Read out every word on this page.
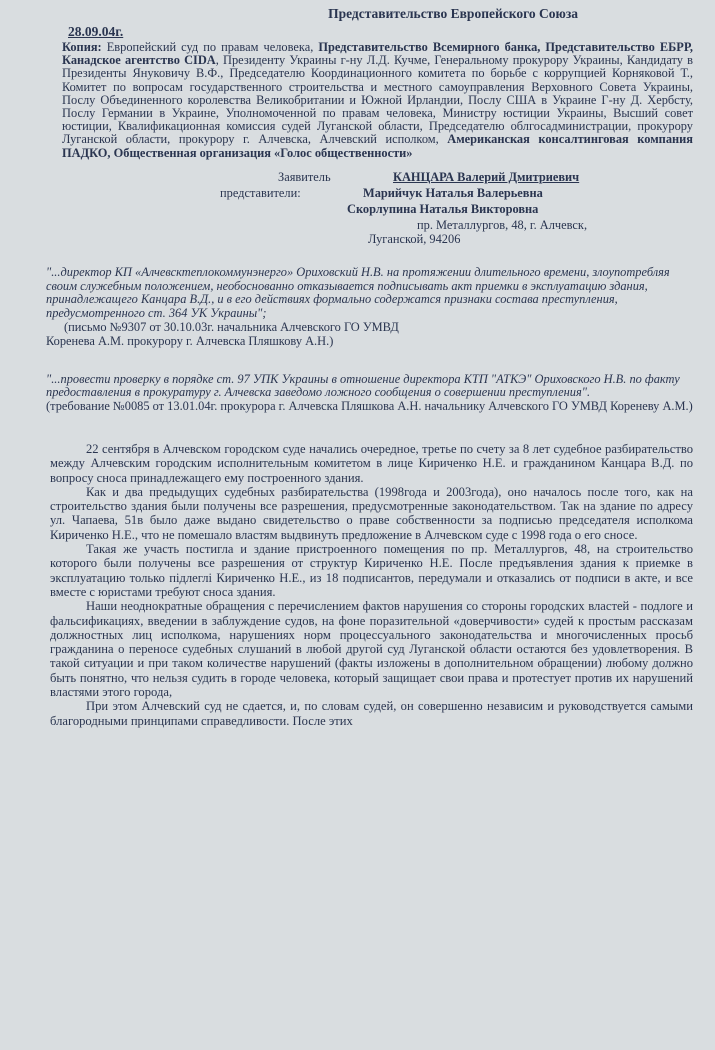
Представительство Европейского Союза
28.09.04г.
Копия: Европейский суд по правам человека, Представительство Всемирного банка, Представительство ЕБРР, Канадское агентство CIDA, Президенту Украины г-ну Л.Д. Кучме, Генеральному прокурору Украины, Кандидату в Президенты Януковичу В.Ф., Председателю Координационного комитета по борьбе с коррупцией Корняковой Т., Комитет по вопросам государственного строительства и местного самоуправления Верховного Совета Украины, Послу Объединенного королевства Великобритании и Южной Ирландии, Послу США в Украине Г-ну Д. Хербсту, Послу Германии в Украине, Уполномоченной по правам человека, Министру юстиции Украины, Высший совет юстиции, Квалификационная комиссия судей Луганской области, Председателю облгосадминистрации, прокурору Луганской области, прокурору г. Алчевска, Алчевский исполком, Американская консалтинговая компания ПАДКО, Общественная организация «Голос общественности»
Заявитель
представители:
КАНЦАРА Валерий Дмитриевич
Марийчук Наталья Валерьевна
Скорлупина Наталья Викторовна
пр. Металлургов, 48, г. Алчевск,
Луганской, 94206
"...директор КП «Алчевсктеплокоммунэнерго» Ориховский Н.В. на протяжении длительного времени, злоупотребляя своим служебным положением, необоснованно отказывается подписывать акт приемки в эксплуатацию здания, принадлежащего Канцара В.Д., и в его действиях формально содержатся признаки состава преступления, предусмотренного ст. 364 УК Украины";
(письмо №9307 от 30.10.03г. начальника Алчевского ГО УМВД
Коренева А.М. прокурору г. Алчевска Пляшкову А.Н.)
"...провести проверку в порядке ст. 97 УПК Украины в отношение директора КТП "АТКЭ" Ориховского Н.В. по факту предоставления в прокуратуру г. Алчевска заведомо ложного сообщения о совершении преступления".
(требование №0085 от 13.01.04г. прокурора г. Алчевска Пляшкова А.Н. начальнику Алчевского ГО УМВД Кореневу А.М.)

22 сентября в Алчевском городском суде начались очередное, третье по счету за 8 лет судебное разбирательство между Алчевским городским исполнительным комитетом в лице Кириченко Н.Е. и гражданином Канцара В.Д. по вопросу сноса принадлежащего ему построенного здания.

Как и два предыдущих судебных разбирательства (1998года и 2003года), оно началось после того, как на строительство здания были получены все разрешения, предусмотренные законодательством. Так на здание по адресу ул. Чапаева, 51в было даже выдано свидетельство о праве собственности за подписью председателя исполкома Кириченко Н.Е., что не помешало властям выдвинуть предложение в Алчевском суде с 1998 года о его сносе.

Такая же участь постигла и здание пристроенного помещения по пр. Металлургов, 48, на строительство которого были получены все разрешения от структур Кириченко Н.Е. После предъявления здания к приемке в эксплуатацию только підлеглі Кириченко Н.Е., из 18 подписантов, передумали и отказались от подписи в акте, и все вместе с юристами требуют сноса здания.

Наши неоднократные обращения с перечислением фактов нарушения со стороны городских властей - подлоге и фальсификациях, введении в заблуждение судов, на фоне поразительной «доверчивости» судей к простым рассказам должностных лиц исполкома, нарушениях норм процессуального законодательства и многочисленных просьб гражданина о переносе судебных слушаний в любой другой суд Луганской области остаются без удовлетворения. В такой ситуации и при таком количестве нарушений (факты изложены в дополнительном обращении) любому должно быть понятно, что нельзя судить в городе человека, который защищает свои права и протестует против их нарушений властями этого города,

При этом Алчевский суд не сдается, и, по словам судей, он совершенно независим и руководствуется самыми благородными принципами справедливости. После этих
